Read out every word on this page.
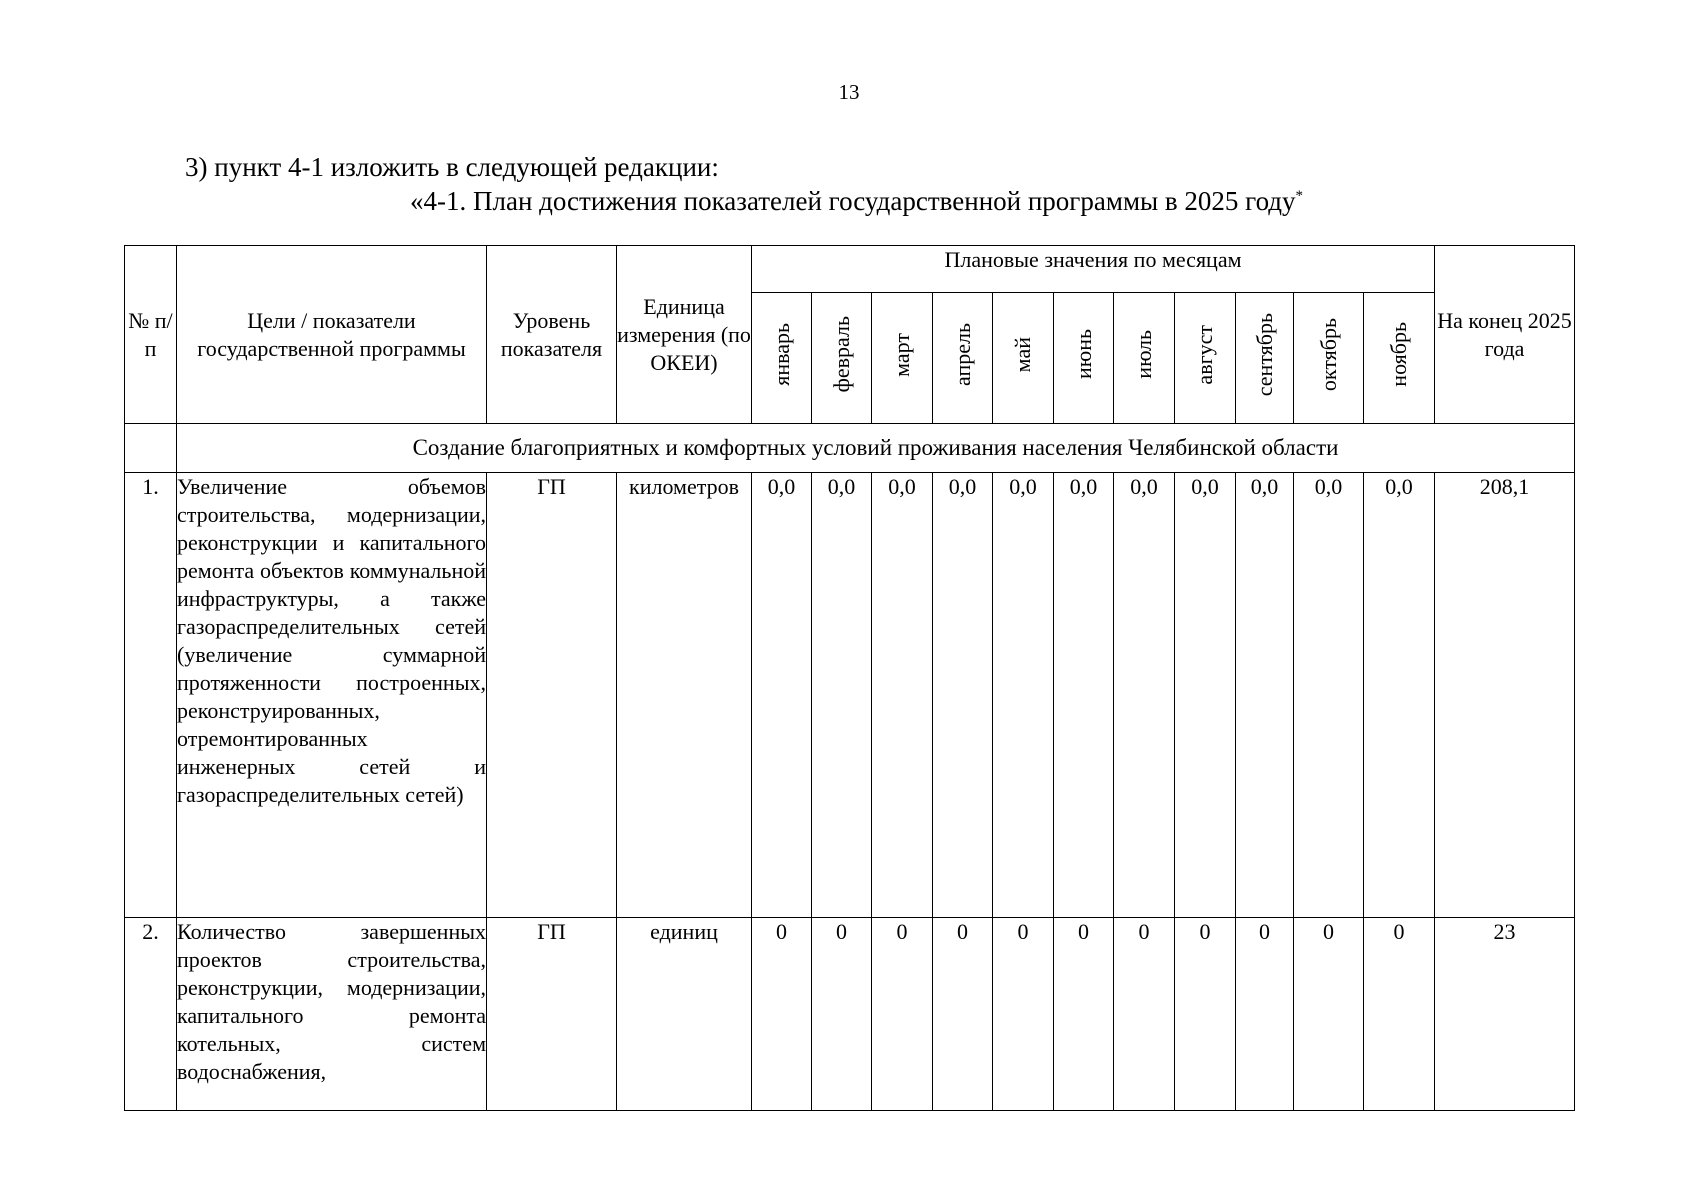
13
3) пункт 4-1 изложить в следующей редакции:
«4-1. План достижения показателей государственной программы в 2025 году*
№ п/п	Цели / показатели государственной программы	Уровень показателя	Единица измерения (по ОКЕИ)	Плановые значения по месяцам											На конец 2025 года
				январь	февраль	март	апрель	май	июнь	июль	август	сентябрь	октябрь	ноябрь	
	Создание благоприятных и комфортных условий проживания населения Челябинской области														
1.	Увеличение объемов строительства, модернизации, реконструкции и капитального ремонта объектов коммунальной инфраструктуры, а также газораспределительных сетей (увеличение суммарной протяженности построенных, реконструированных, отремонтированных инженерных сетей и газораспределительных сетей)	ГП	километров	0,0	0,0	0,0	0,0	0,0	0,0	0,0	0,0	0,0	0,0	0,0	208,1
2.	Количество завершенных проектов строительства, реконструкции, модернизации, капитального ремонта котельных, систем водоснабжения,	ГП	единиц	0	0	0	0	0	0	0	0	0	0	0	23
